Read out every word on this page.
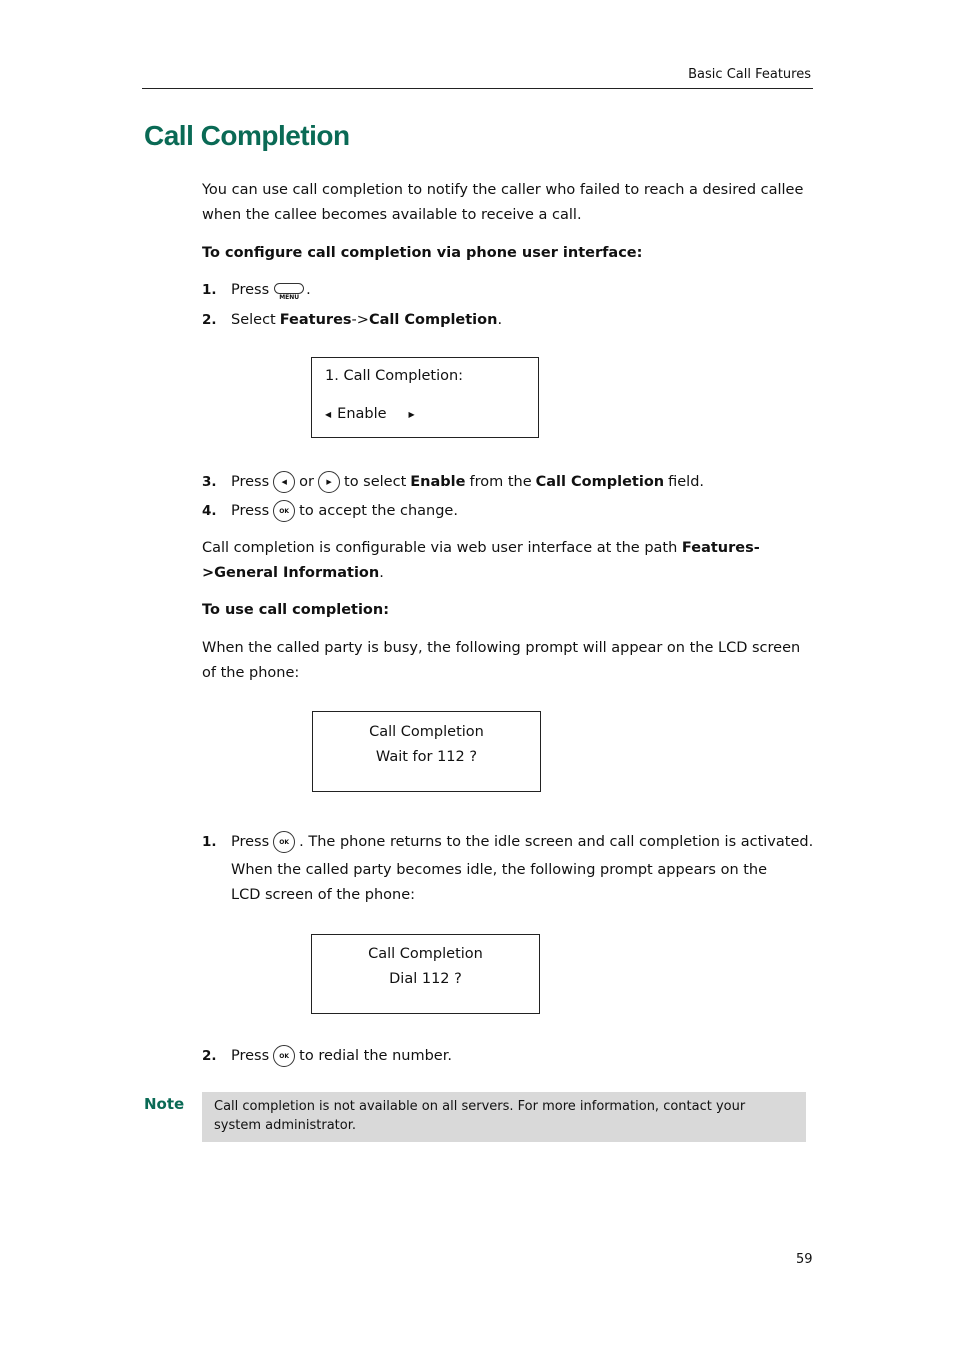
Basic Call Features
Call Completion
You can use call completion to notify the caller who failed to reach a desired callee when the callee becomes available to receive a call.
To configure call completion via phone user interface:
1. Press MENU .
2. Select Features -> Call Completion .
1. Call Completion:
◀ Enable	▶
3. Press	◀ or	▶ to select Enable from the Call Completion field.
4. Press	OK to accept the change.
Call completion is configurable via web user interface at the path Features->General Information.
To use call completion:
When the called party is busy, the following prompt will appear on the LCD screen of the phone:
Call Completion
Wait for 112 ?
1. Press	OK . The phone returns to the idle screen and call completion is activated.
When the called party becomes idle, the following prompt appears on the LCD screen of the phone:
Call Completion
Dial 112 ?
2. Press	OK to redial the number.
Note	Call completion is not available on all servers. For more information, contact your system administrator.
59
